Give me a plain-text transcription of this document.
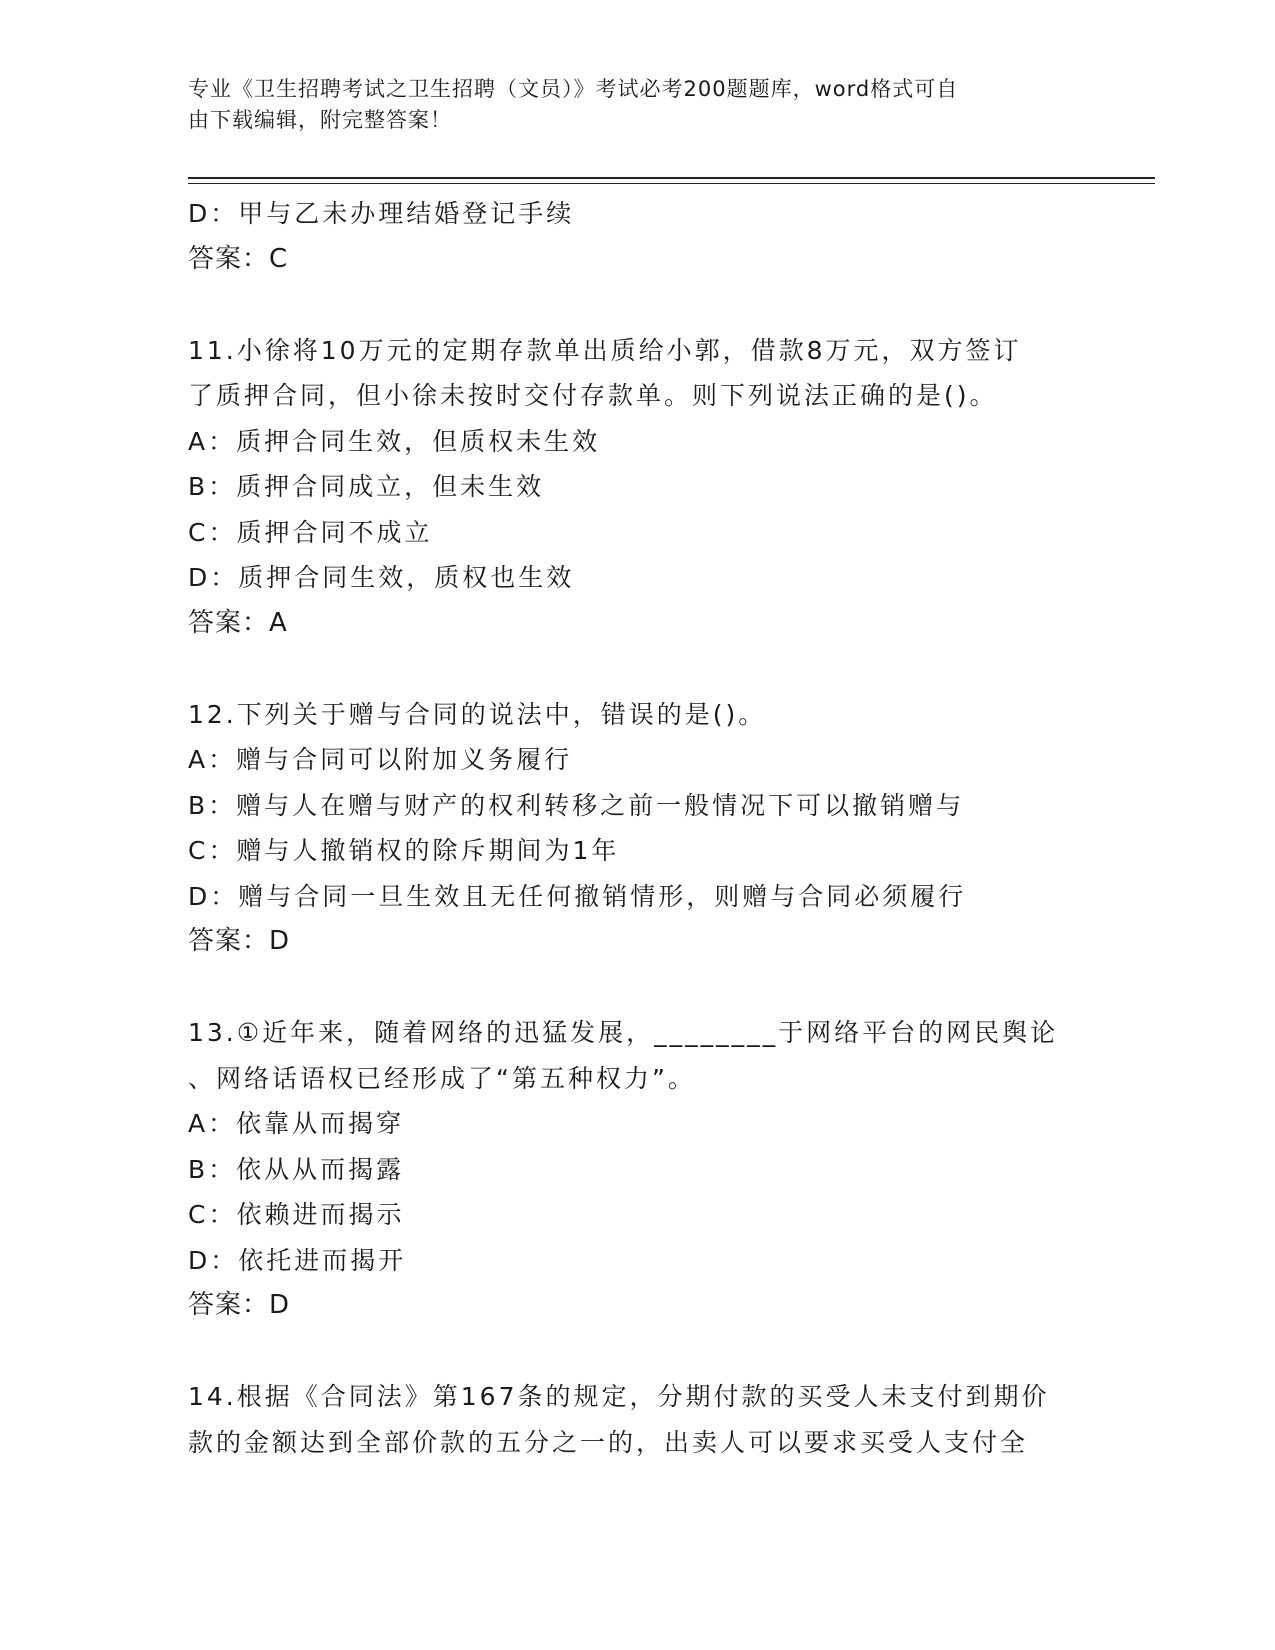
专业《卫生招聘考试之卫生招聘（文员）》考试必考200题题库，word格式可自
由下载编辑，附完整答案！
D：甲与乙未办理结婚登记手续
答案：C
11.小徐将10万元的定期存款单出质给小郭，借款8万元，双方签订
了质押合同，但小徐未按时交付存款单。则下列说法正确的是()。
A：质押合同生效，但质权未生效
B：质押合同成立，但未生效
C：质押合同不成立
D：质押合同生效，质权也生效
答案：A
12.下列关于赠与合同的说法中，错误的是()。
A：赠与合同可以附加义务履行
B：赠与人在赠与财产的权利转移之前一般情况下可以撤销赠与
C：赠与人撤销权的除斥期间为1年
D：赠与合同一旦生效且无任何撤销情形，则赠与合同必须履行
答案：D
13.①近年来，随着网络的迅猛发展，________于网络平台的网民舆论
、网络话语权已经形成了“第五种权力”。
A：依靠从而揭穿
B：依从从而揭露
C：依赖进而揭示
D：依托进而揭开
答案：D
14.根据《合同法》第167条的规定，分期付款的买受人未支付到期价
款的金额达到全部价款的五分之一的，出卖人可以要求买受人支付全
